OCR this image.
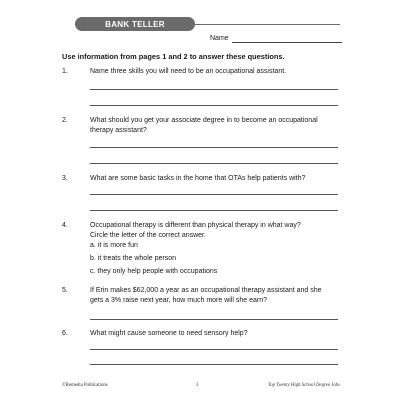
BANK TELLER
Name
Use information from pages 1 and 2 to answer these questions.
1.	Name three skills you will need to be an occupational assistant.
2.	What should you get your associate degree in to become an occupational
therapy assistant?
3.	What are some basic tasks in the home that OTAs help patients with?
4.	Occupational therapy is different than physical therapy in what way?
Circle the letter of the correct answer.
a. it is more fun
b. it treats the whole person
c. they only help people with occupations
5.	If Erin makes $62,000 a year as an occupational therapy assistant and she
gets a 3% raise next year, how much more will she earn?
6.	What might cause someone to need sensory help?
©Remedia Publications	3	Top Twenty High School Degree Jobs
